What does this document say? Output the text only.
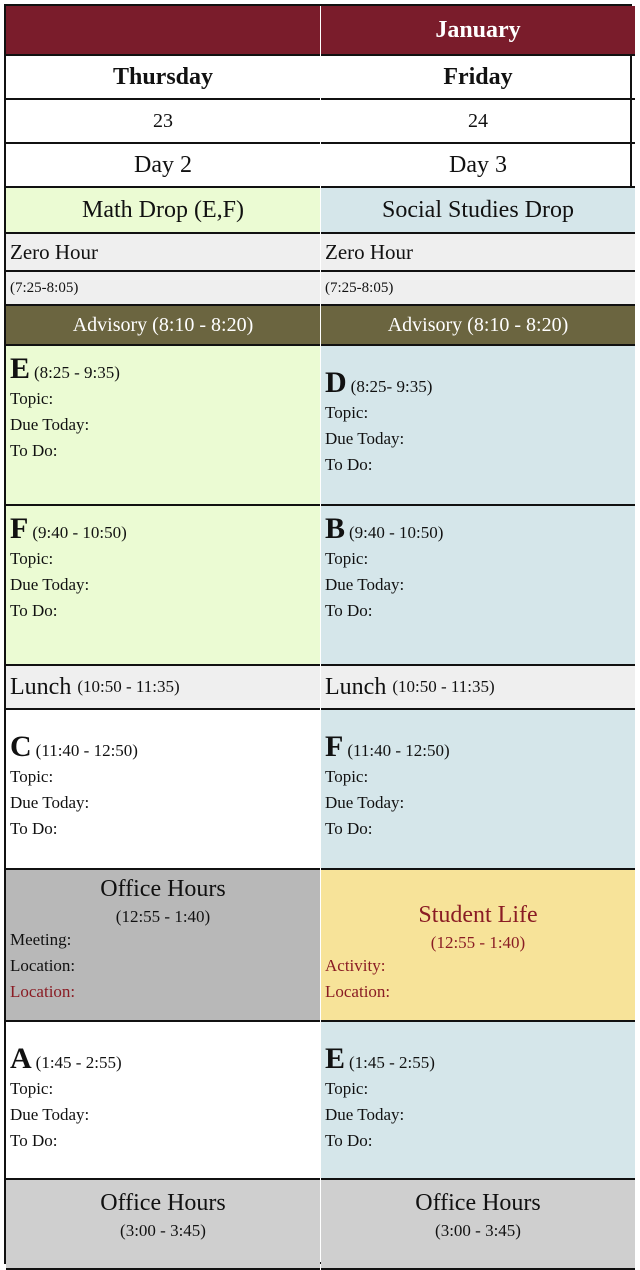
Thursday
23
Day 2
Math Drop (E,F)
Zero Hour
(7:25-8:05)
Advisory (8:10 - 8:20)
E (8:25 - 9:35)
Topic:
Due Today:
To Do:
F (9:40 - 10:50)
Topic:
Due Today:
To Do:
Lunch (10:50 - 11:35)
C (11:40 - 12:50)
Topic:
Due Today:
To Do:
Office Hours
(12:55 - 1:40)
Meeting:
Location:
Location:
A (1:45 - 2:55)
Topic:
Due Today:
To Do:
Office Hours
(3:00 - 3:45)
January
Friday
24
Day 3
Social Studies Drop
Zero Hour
(7:25-8:05)
Advisory (8:10 - 8:20)
D (8:25- 9:35)
Topic:
Due Today:
To Do:
B (9:40 - 10:50)
Topic:
Due Today:
To Do:
Lunch (10:50 - 11:35)
F (11:40 - 12:50)
Topic:
Due Today:
To Do:
Student Life
(12:55 - 1:40)
Activity:
Location:
E (1:45 - 2:55)
Topic:
Due Today:
To Do:
Office Hours
(3:00 - 3:45)
